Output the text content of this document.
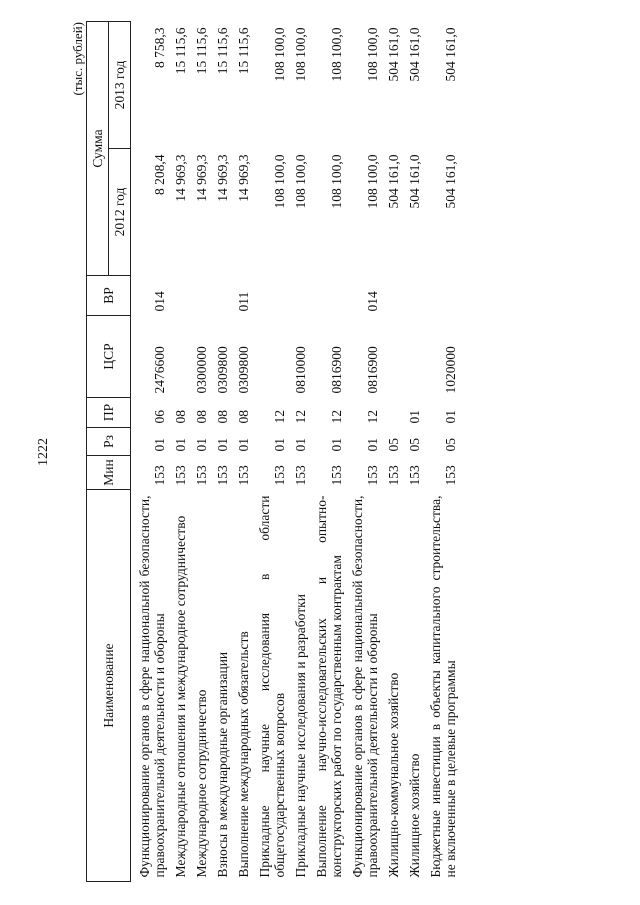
1222
(тыс. рублей)
Наименование	Мин	Рз	ПР	ЦСР	ВР	Сумма	
						2012 год	2013 год
Функционирование органов в сфере национальной безопасности, правоохранительной деятельности и обороны	153	01	06	2476600	014	8 208,4	8 758,3
Международные отношения и международное сотрудничество	153	01	08			14 969,3	15 115,6
Международное сотрудничество	153	01	08	0300000		14 969,3	15 115,6
Взносы в международные организации	153	01	08	0309800		14 969,3	15 115,6
Выполнение международных обязательств	153	01	08	0309800	011	14 969,3	15 115,6
Прикладные научные исследования в области общегосударственных вопросов	153	01	12			108 100,0	108 100,0
Прикладные научные исследования и разработки	153	01	12	0810000		108 100,0	108 100,0
Выполнение научно-исследовательских и опытно-конструкторских работ по государственным контрактам	153	01	12	0816900		108 100,0	108 100,0
Функционирование органов в сфере национальной безопасности, правоохранительной деятельности и обороны	153	01	12	0816900	014	108 100,0	108 100,0
Жилищно-коммунальное хозяйство	153	05				504 161,0	504 161,0
Жилищное хозяйство	153	05	01			504 161,0	504 161,0
Бюджетные инвестиции в объекты капитального строительства, не включенные в целевые программы	153	05	01	1020000		504 161,0	504 161,0
